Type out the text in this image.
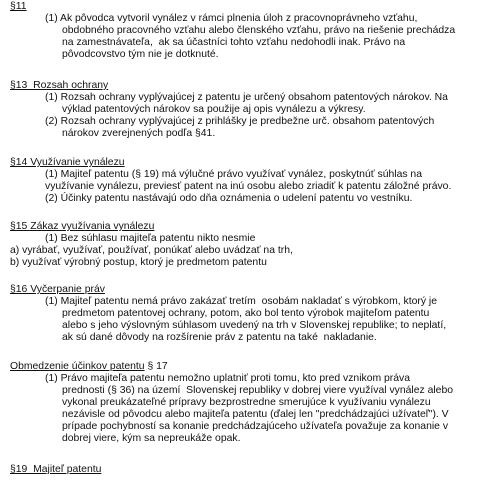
§11
(1) Ak pôvodca vytvoril vynález v rámci plnenia úloh z pracovnoprávneho vzťahu,
obdobného pracovného vzťahu alebo členského vzťahu, právo na riešenie prechádza
na zamestnávateľa,  ak sa účastníci tohto vzťahu nedohodli inak. Právo na
pôvodcovstvo tým nie je dotknuté.
§13  Rozsah ochrany
(1) Rozsah ochrany vyplývajúcej z patentu je určený obsahom patentových nárokov. Na
výklad patentových nárokov sa použije aj opis vynálezu a výkresy.
(2) Rozsah ochrany vyplývajúcej z prihlášky je predbežne urč. obsahom patentových
nárokov zverejnených podľa §41.
§14 Využívanie vynálezu
(1) Majiteľ patentu (§ 19) má výlučné právo využívať vynález, poskytnúť súhlas na
využívanie vynálezu, previesť patent na inú osobu alebo zriadiť k patentu záložné právo.
(2) Účinky patentu nastávajú odo dňa oznámenia o udelení patentu vo vestníku.
§15 Zákaz využívania vynálezu
(1) Bez súhlasu majiteľa patentu nikto nesmie
a) vyrábať, využívať, používať, ponúkať alebo uvádzať na trh,
b) využívať výrobný postup, ktorý je predmetom patentu
§16 Vyčerpanie práv
(1) Majiteľ patentu nemá právo zakázať tretím  osobám nakladať s výrobkom, ktorý je
predmetom patentovej ochrany, potom, ako bol tento výrobok majiteľom patentu
alebo s jeho výslovným súhlasom uvedený na trh v Slovenskej republike; to neplatí,
ak sú dané dôvody na rozšírenie práv z patentu na také  nakladanie.
Obmedzenie účinkov patentu § 17
(1) Právo majiteľa patentu nemožno uplatniť proti tomu, kto pred vznikom práva
prednosti (§ 36) na území  Slovenskej republiky v dobrej viere využíval vynález alebo
vykonal preukázateľné prípravy bezprostredne smerujúce k využívaniu vynálezu
nezávisle od pôvodcu alebo majiteľa patentu (ďalej len "predchádzajúci užívateľ"). V
prípade pochybností sa konanie predchádzajúceho užívateľa považuje za konanie v
dobrej viere, kým sa nepreukáže opak.
§19  Majiteľ patentu
